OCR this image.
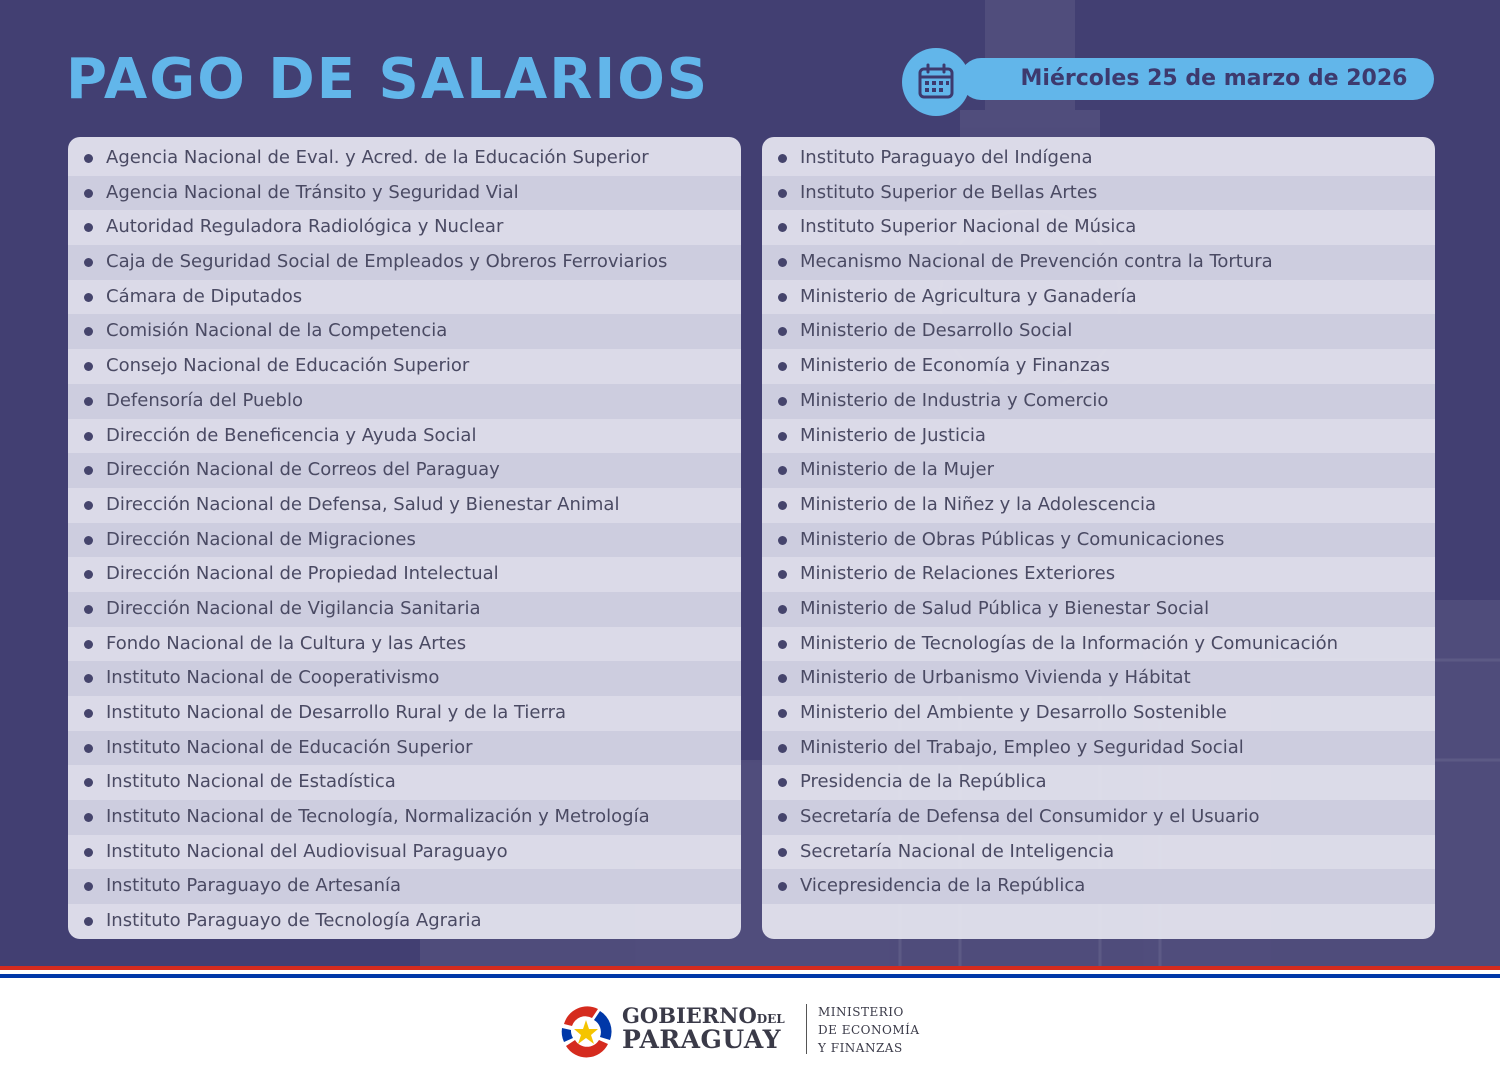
PAGO DE SALARIOS	Miércoles 25 de marzo de 2026
Agencia Nacional de Eval. y Acred. de la Educación Superior
Agencia Nacional de Tránsito y Seguridad Vial
Autoridad Reguladora Radiológica y Nuclear
Caja de Seguridad Social de Empleados y Obreros Ferroviarios
Cámara de Diputados
Comisión Nacional de la Competencia
Consejo Nacional de Educación Superior
Defensoría del Pueblo
Dirección de Beneficencia y Ayuda Social
Dirección Nacional de Correos del Paraguay
Dirección Nacional de Defensa, Salud y Bienestar Animal
Dirección Nacional de Migraciones
Dirección Nacional de Propiedad Intelectual
Dirección Nacional de Vigilancia Sanitaria
Fondo Nacional de la Cultura y las Artes
Instituto Nacional de Cooperativismo
Instituto Nacional de Desarrollo Rural y de la Tierra
Instituto Nacional de Educación Superior
Instituto Nacional de Estadística
Instituto Nacional de Tecnología, Normalización y Metrología
Instituto Nacional del Audiovisual Paraguayo
Instituto Paraguayo de Artesanía
Instituto Paraguayo de Tecnología Agraria
Instituto Paraguayo del Indígena
Instituto Superior de Bellas Artes
Instituto Superior Nacional de Música
Mecanismo Nacional de Prevención contra la Tortura
Ministerio de Agricultura y Ganadería
Ministerio de Desarrollo Social
Ministerio de Economía y Finanzas
Ministerio de Industria y Comercio
Ministerio de Justicia
Ministerio de la Mujer
Ministerio de la Niñez y la Adolescencia
Ministerio de Obras Públicas y Comunicaciones
Ministerio de Relaciones Exteriores
Ministerio de Salud Pública y Bienestar Social
Ministerio de Tecnologías de la Información y Comunicación
Ministerio de Urbanismo Vivienda y Hábitat
Ministerio del Ambiente y Desarrollo Sostenible
Ministerio del Trabajo, Empleo y Seguridad Social
Presidencia de la República
Secretaría de Defensa del Consumidor y el Usuario
Secretaría Nacional de Inteligencia
Vicepresidencia de la República
GOBIERNODEL
PARAGUAY
MINISTERIO
DE ECONOMÍA
Y FINANZAS
